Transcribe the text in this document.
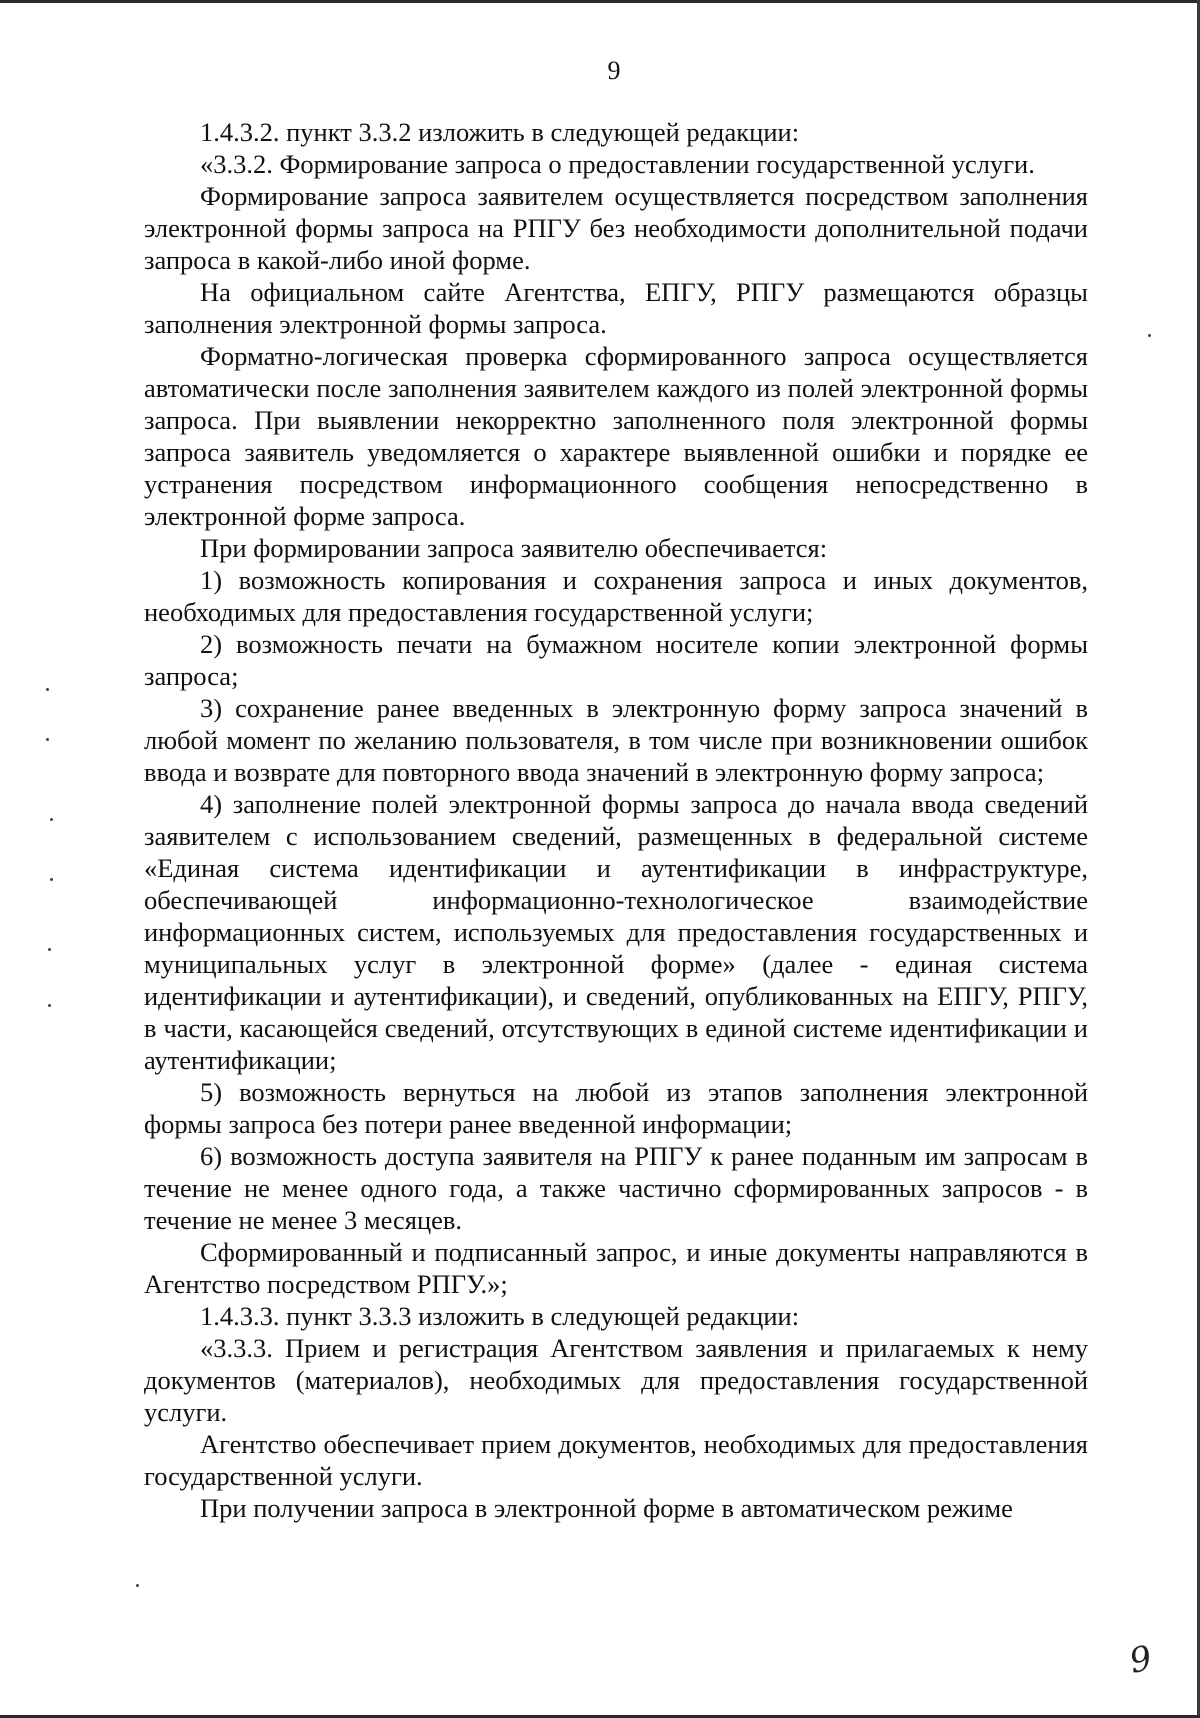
9

1.4.3.2. пункт 3.3.2 изложить в следующей редакции:

«3.3.2. Формирование запроса о предоставлении государственной услуги.

Формирование запроса заявителем осуществляется посредством заполнения электронной формы запроса на РПГУ без необходимости дополнительной подачи запроса в какой-либо иной форме.

На официальном сайте Агентства, ЕПГУ, РПГУ размещаются образцы заполнения электронной формы запроса.

Форматно-логическая проверка сформированного запроса осуществляется автоматически после заполнения заявителем каждого из полей электронной формы запроса. При выявлении некорректно заполненного поля электронной формы запроса заявитель уведомляется о характере выявленной ошибки и порядке ее устранения посредством информационного сообщения непосредственно в электронной форме запроса.

При формировании запроса заявителю обеспечивается:

1) возможность копирования и сохранения запроса и иных документов, необходимых для предоставления государственной услуги;

2) возможность печати на бумажном носителе копии электронной формы запроса;

3) сохранение ранее введенных в электронную форму запроса значений в любой момент по желанию пользователя, в том числе при возникновении ошибок ввода и возврате для повторного ввода значений в электронную форму запроса;

4) заполнение полей электронной формы запроса до начала ввода сведений заявителем с использованием сведений, размещенных в федеральной системе «Единая система идентификации и аутентификации в инфраструктуре, обеспечивающей информационно-технологическое взаимодействие информационных систем, используемых для предоставления государственных и муниципальных услуг в электронной форме» (далее - единая система идентификации и аутентификации), и сведений, опубликованных на ЕПГУ, РПГУ, в части, касающейся сведений, отсутствующих в единой системе идентификации и аутентификации;

5) возможность вернуться на любой из этапов заполнения электронной формы запроса без потери ранее введенной информации;

6) возможность доступа заявителя на РПГУ к ранее поданным им запросам в течение не менее одного года, а также частично сформированных запросов - в течение не менее 3 месяцев.

Сформированный и подписанный запрос, и иные документы направляются в Агентство посредством РПГУ.»;

1.4.3.3. пункт 3.3.3 изложить в следующей редакции:

«3.3.3. Прием и регистрация Агентством заявления и прилагаемых к нему документов (материалов), необходимых для предоставления государственной услуги.

Агентство обеспечивает прием документов, необходимых для предоставления государственной услуги.

При получении запроса в электронной форме в автоматическом режиме

9
